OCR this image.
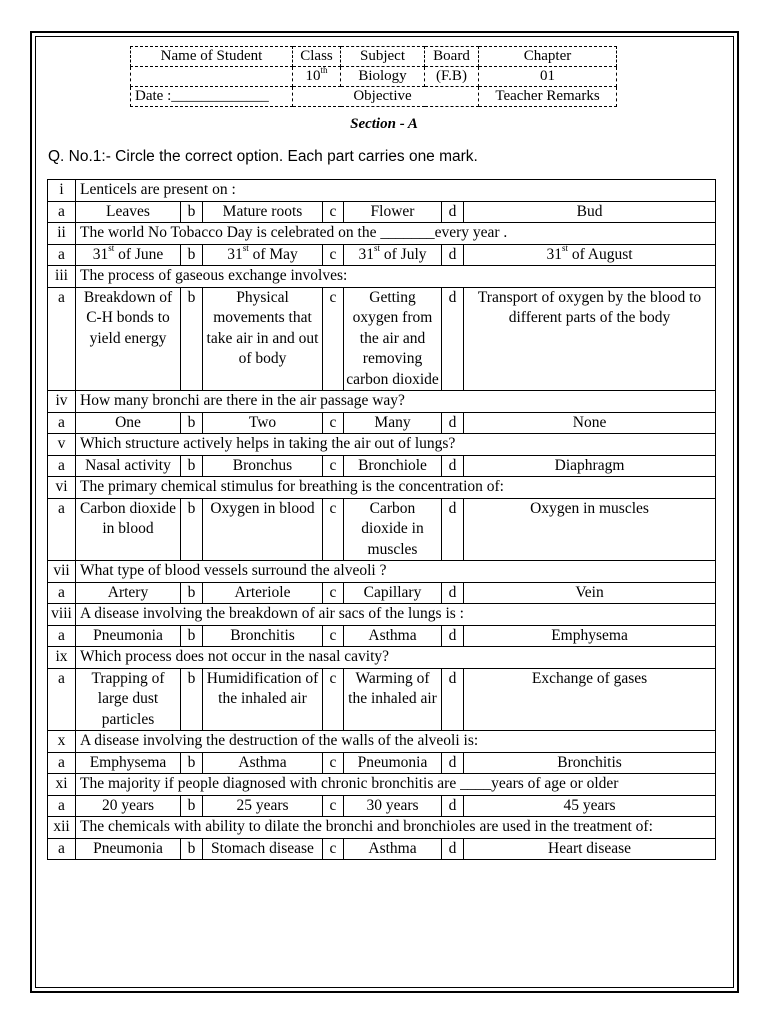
Name of Student	Class	Subject	Board	Chapter
	10th	Biology	(F.B)	01
Date :_____________		Objective		Teacher Remarks
Section - A
Q. No.1:- Circle the correct option. Each part carries one mark.
i	Lenticels are present on :						
a	Leaves	b	Mature roots	c	Flower	d	Bud
ii	The world No Tobacco Day is celebrated on the _______every year .						
a	31st of June	b	31st of May	c	31st of July	d	31st of August
iii	The process of gaseous exchange involves:						
a	Breakdown of C-H bonds to yield energy	b	Physical movements that take air in and out of body	c	Getting oxygen from the air and removing carbon dioxide	d	Transport of oxygen by the blood to different parts of the body
iv	How many bronchi are there in the air passage way?						
a	One	b	Two	c	Many	d	None
v	Which structure actively helps in taking the air out of lungs?						
a	Nasal activity	b	Bronchus	c	Bronchiole	d	Diaphragm
vi	The primary chemical stimulus for breathing is the concentration of:						
a	Carbon dioxide in blood	b	Oxygen in blood	c	Carbon dioxide in muscles	d	Oxygen in muscles
vii	What type of blood vessels surround the alveoli ?						
a	Artery	b	Arteriole	c	Capillary	d	Vein
viii	A disease involving the breakdown of air sacs of the lungs is :						
a	Pneumonia	b	Bronchitis	c	Asthma	d	Emphysema
ix	Which process does not occur in the nasal cavity?						
a	Trapping of large dust particles	b	Humidification of the inhaled air	c	Warming of the inhaled air	d	Exchange of gases
x	A disease involving the destruction of the walls of the alveoli is:						
a	Emphysema	b	Asthma	c	Pneumonia	d	Bronchitis
xi	The majority if people diagnosed with chronic bronchitis are ____years of age or older						
a	20 years	b	25 years	c	30 years	d	45 years
xii	The chemicals with ability to dilate the bronchi and bronchioles are used in the treatment of:						
a	Pneumonia	b	Stomach disease	c	Asthma	d	Heart disease
